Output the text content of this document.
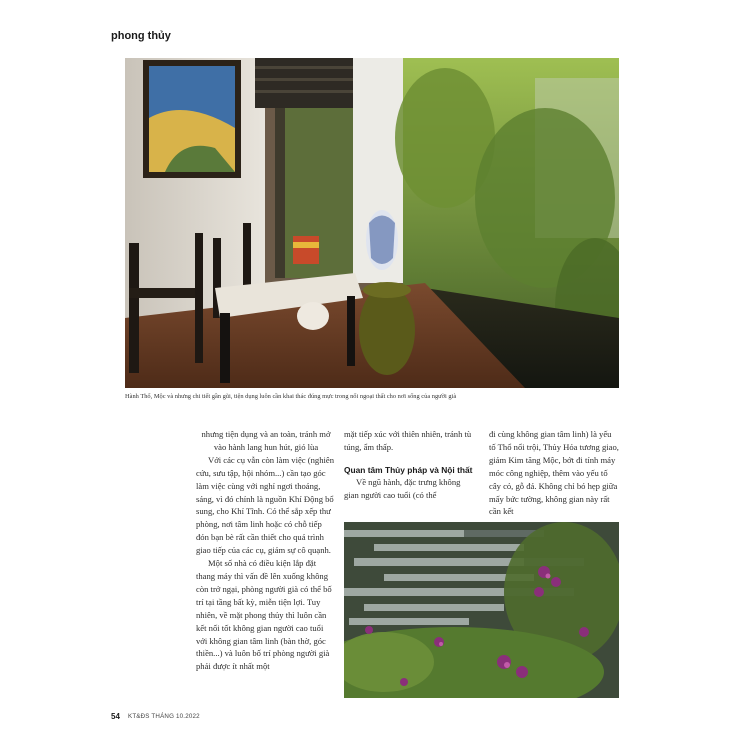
phong thủy
Hành Thổ, Mộc và nhưng chi tiết gần gũi, tiện dụng luôn cần khai thác đúng mực trong nối ngoại thất cho nơi sống của người già

nhưng tiện dụng và an toàn, tránh mở vào hành lang hun hút, gió lùa

Với các cụ vẫn còn làm việc (nghiên cứu, sưu tập, hội nhóm...) cần tạo góc làm việc cùng với nghỉ ngơi thoáng, sáng, vì đó chính là nguồn Khí Động bổ sung, cho Khí Tĩnh. Có thể sắp xếp thư phòng, nơi tâm linh hoặc có chỗ tiếp đón bạn bè rất cần thiết cho quá trình giao tiếp của các cụ, giảm sự cô quạnh.

Một số nhà có điều kiện lắp đặt thang máy thì vấn đề lên xuống không còn trở ngại, phòng người già có thể bố trí tại tầng bất kỳ, miễn tiện lợi. Tuy nhiên, về mặt phong thủy thì luôn cần kết nối tốt không gian người cao tuổi với không gian tâm linh (bàn thờ, góc thiền...) và luôn bố trí phòng người già phải được ít nhất một

mặt tiếp xúc với thiên nhiên, tránh tù túng, ẩm thấp.

Quan tâm Thủy pháp và Nội thất

Về ngũ hành, đặc trưng không gian người cao tuổi (có thể

đi cùng không gian tâm linh) là yếu tố Thổ nổi trội, Thủy Hỏa tương giao, giảm Kim tăng Mộc, bớt đi tính máy móc công nghiệp, thêm vào yếu tố cây cỏ, gỗ đá. Không chỉ bó hẹp giữa mấy bức tường, không gian này rất cần kết

54 KT&ĐS THÁNG 10.2022
